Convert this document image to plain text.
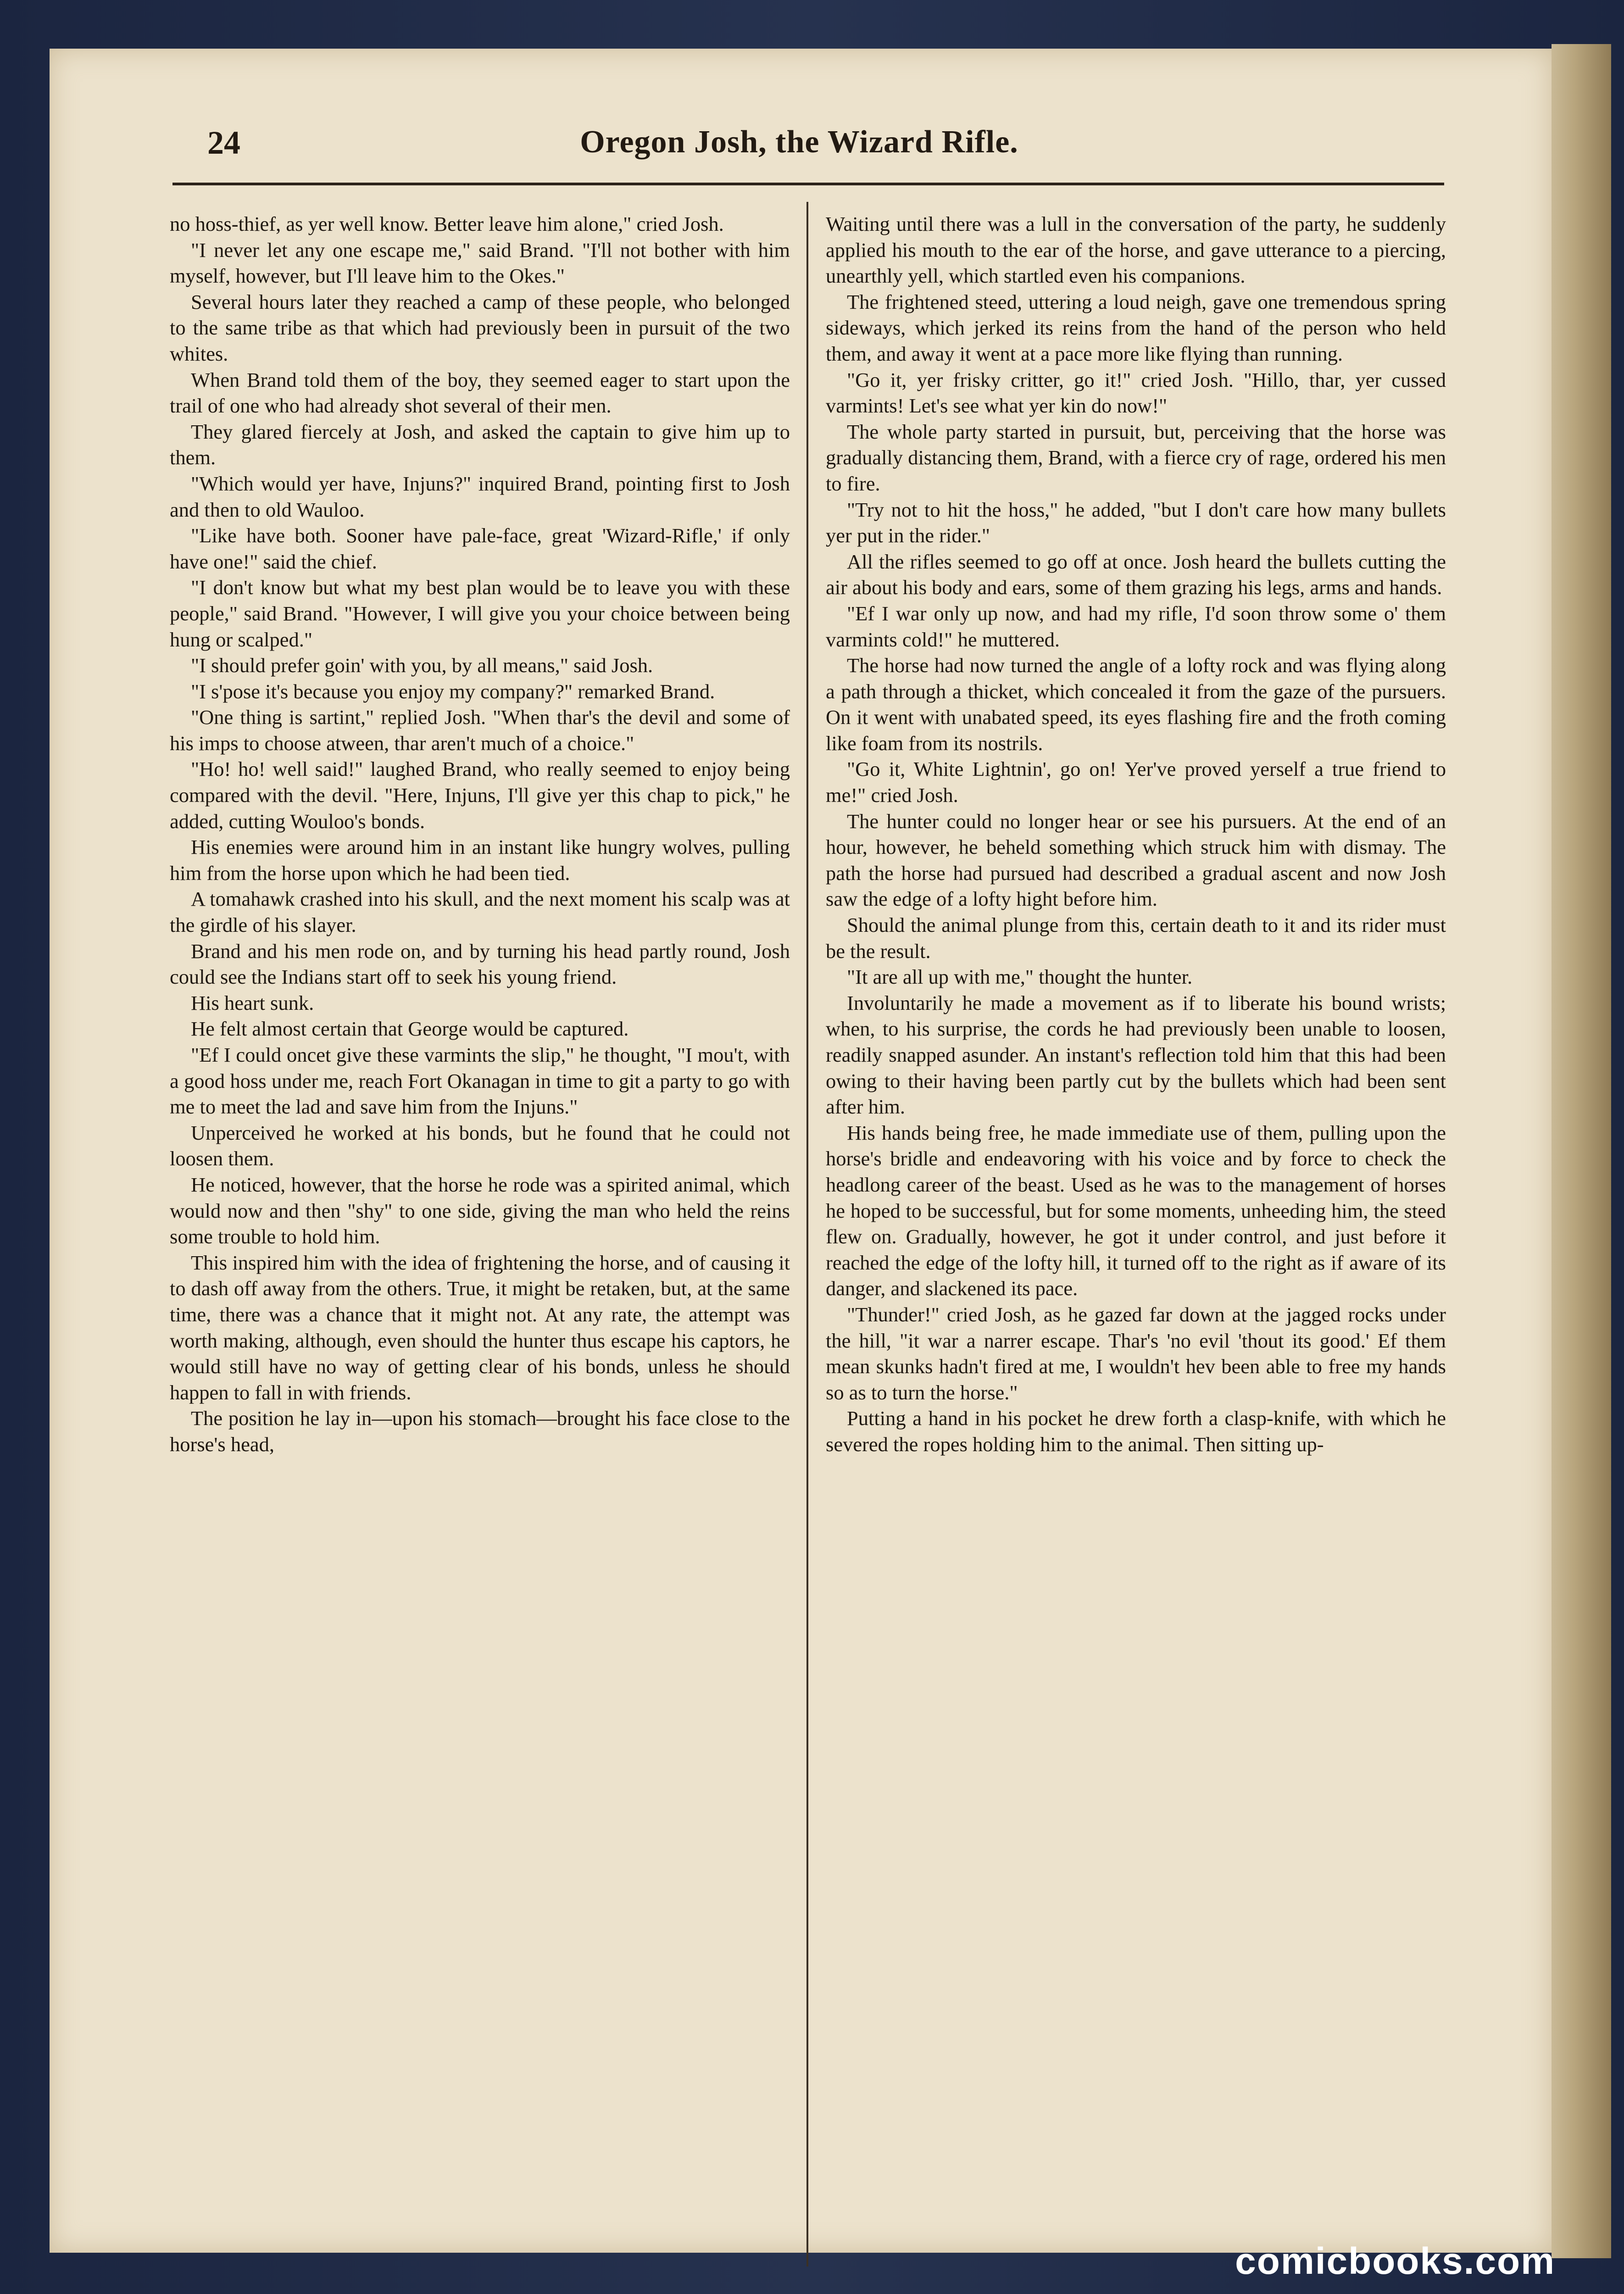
24	Oregon Josh, the Wizard Rifle.

no hoss-thief, as yer well know. Better leave him alone," cried Josh.

"I never let any one escape me," said Brand. "I'll not bother with him myself, however, but I'll leave him to the Okes."

Several hours later they reached a camp of these people, who belonged to the same tribe as that which had previously been in pursuit of the two whites.

When Brand told them of the boy, they seemed eager to start upon the trail of one who had already shot several of their men.

They glared fiercely at Josh, and asked the captain to give him up to them.

"Which would yer have, Injuns?" inquired Brand, pointing first to Josh and then to old Wauloo.

"Like have both. Sooner have pale-face, great 'Wizard-Rifle,' if only have one!" said the chief.

"I don't know but what my best plan would be to leave you with these people," said Brand. "However, I will give you your choice between being hung or scalped."

"I should prefer goin' with you, by all means," said Josh.

"I s'pose it's because you enjoy my company?" remarked Brand.

"One thing is sartint," replied Josh. "When thar's the devil and some of his imps to choose atween, thar aren't much of a choice."

"Ho! ho! well said!" laughed Brand, who really seemed to enjoy being compared with the devil. "Here, Injuns, I'll give yer this chap to pick," he added, cutting Wouloo's bonds.

His enemies were around him in an instant like hungry wolves, pulling him from the horse upon which he had been tied.

A tomahawk crashed into his skull, and the next moment his scalp was at the girdle of his slayer.

Brand and his men rode on, and by turning his head partly round, Josh could see the Indians start off to seek his young friend.

His heart sunk.

He felt almost certain that George would be captured.

"Ef I could oncet give these varmints the slip," he thought, "I mou't, with a good hoss under me, reach Fort Okanagan in time to git a party to go with me to meet the lad and save him from the Injuns."

Unperceived he worked at his bonds, but he found that he could not loosen them.

He noticed, however, that the horse he rode was a spirited animal, which would now and then "shy" to one side, giving the man who held the reins some trouble to hold him.

This inspired him with the idea of frightening the horse, and of causing it to dash off away from the others. True, it might be retaken, but, at the same time, there was a chance that it might not. At any rate, the attempt was worth making, although, even should the hunter thus escape his captors, he would still have no way of getting clear of his bonds, unless he should happen to fall in with friends.

The position he lay in—upon his stomach—brought his face close to the horse's head,

Waiting until there was a lull in the conversation of the party, he suddenly applied his mouth to the ear of the horse, and gave utterance to a piercing, unearthly yell, which startled even his companions.

The frightened steed, uttering a loud neigh, gave one tremendous spring sideways, which jerked its reins from the hand of the person who held them, and away it went at a pace more like flying than running.

"Go it, yer frisky critter, go it!" cried Josh. "Hillo, thar, yer cussed varmints! Let's see what yer kin do now!"

The whole party started in pursuit, but, perceiving that the horse was gradually distancing them, Brand, with a fierce cry of rage, ordered his men to fire.

"Try not to hit the hoss," he added, "but I don't care how many bullets yer put in the rider."

All the rifles seemed to go off at once. Josh heard the bullets cutting the air about his body and ears, some of them grazing his legs, arms and hands.

"Ef I war only up now, and had my rifle, I'd soon throw some o' them varmints cold!" he muttered.

The horse had now turned the angle of a lofty rock and was flying along a path through a thicket, which concealed it from the gaze of the pursuers. On it went with unabated speed, its eyes flashing fire and the froth coming like foam from its nostrils.

"Go it, White Lightnin', go on! Yer've proved yerself a true friend to me!" cried Josh.

The hunter could no longer hear or see his pursuers. At the end of an hour, however, he beheld something which struck him with dismay. The path the horse had pursued had described a gradual ascent and now Josh saw the edge of a lofty hight before him.

Should the animal plunge from this, certain death to it and its rider must be the result.

"It are all up with me," thought the hunter.

Involuntarily he made a movement as if to liberate his bound wrists; when, to his surprise, the cords he had previously been unable to loosen, readily snapped asunder. An instant's reflection told him that this had been owing to their having been partly cut by the bullets which had been sent after him.

His hands being free, he made immediate use of them, pulling upon the horse's bridle and endeavoring with his voice and by force to check the headlong career of the beast. Used as he was to the management of horses he hoped to be successful, but for some moments, unheeding him, the steed flew on. Gradually, however, he got it under control, and just before it reached the edge of the lofty hill, it turned off to the right as if aware of its danger, and slackened its pace.

"Thunder!" cried Josh, as he gazed far down at the jagged rocks under the hill, "it war a narrer escape. Thar's 'no evil 'thout its good.' Ef them mean skunks hadn't fired at me, I wouldn't hev been able to free my hands so as to turn the horse."

Putting a hand in his pocket he drew forth a clasp-knife, with which he severed the ropes holding him to the animal. Then sitting up-

comicbooks.com
